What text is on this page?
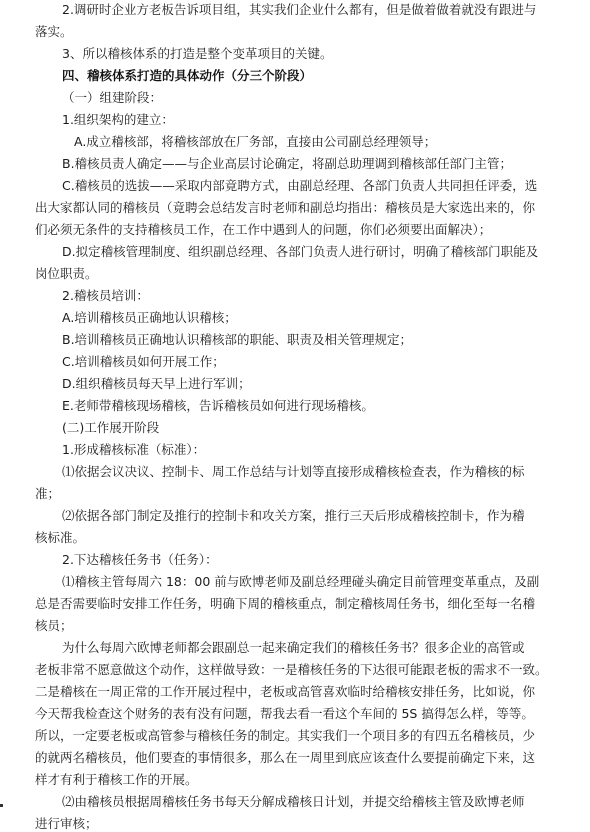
2.调研时企业方老板告诉项目组，其实我们企业什么都有，但是做着做着就没有跟进与
落实。
3、所以稽核体系的打造是整个变革项目的关键。
四、稽核体系打造的具体动作（分三个阶段）
（一）组建阶段：
1.组织架构的建立：
A.成立稽核部，将稽核部放在厂务部，直接由公司副总经理领导；
B.稽核员责人确定——与企业高层讨论确定，将副总助理调到稽核部任部门主管；
C.稽核员的选拔——采取内部竟聘方式，由副总经理、各部门负责人共同担任评委，选
出大家都认同的稽核员（竟聘会总结发言时老师和副总均指出：稽核员是大家选出来的，你
们必须无条件的支持稽核员工作，在工作中遇到人的问题，你们必须要出面解决）；
D.拟定稽核管理制度、组织副总经理、各部门负责人进行研讨，明确了稽核部门职能及
岗位职责。
2.稽核员培训：
A.培训稽核员正确地认识稽核；
B.培训稽核员正确地认识稽核部的职能、职责及相关管理规定；
C.培训稽核员如何开展工作；
D.组织稽核员每天早上进行军训；
E.老师带稽核现场稽核，告诉稽核员如何进行现场稽核。
(二)工作展开阶段
1.形成稽核标准（标准）：
⑴依据会议决议、控制卡、周工作总结与计划等直接形成稽核检查表，作为稽核的标
准；
⑵依据各部门制定及推行的控制卡和攻关方案，推行三天后形成稽核控制卡，作为稽
核标准。
2.下达稽核任务书（任务）：
⑴稽核主管每周六 18：00 前与欧博老师及副总经理碰头确定目前管理变革重点，及副
总是否需要临时安排工作任务，明确下周的稽核重点，制定稽核周任务书，细化至每一名稽
核员；
为什么每周六欧博老师都会跟副总一起来确定我们的稽核任务书？很多企业的高管或
老板非常不愿意做这个动作，这样做导致：一是稽核任务的下达很可能跟老板的需求不一致。
二是稽核在一周正常的工作开展过程中，老板或高管喜欢临时给稽核安排任务，比如说，你
今天帮我检查这个财务的表有没有问题，帮我去看一看这个车间的 5S 搞得怎么样，等等。
所以，一定要老板或高管参与稽核任务的制定。其实我们一个项目多的有四五名稽核员，少
的就两名稽核员，他们要查的事情很多，那么在一周里到底应该查什么要提前确定下来，这
样才有利于稽核工作的开展。
⑵由稽核员根据周稽核任务书每天分解成稽核日计划，并提交给稽核主管及欧博老师
进行审核；
